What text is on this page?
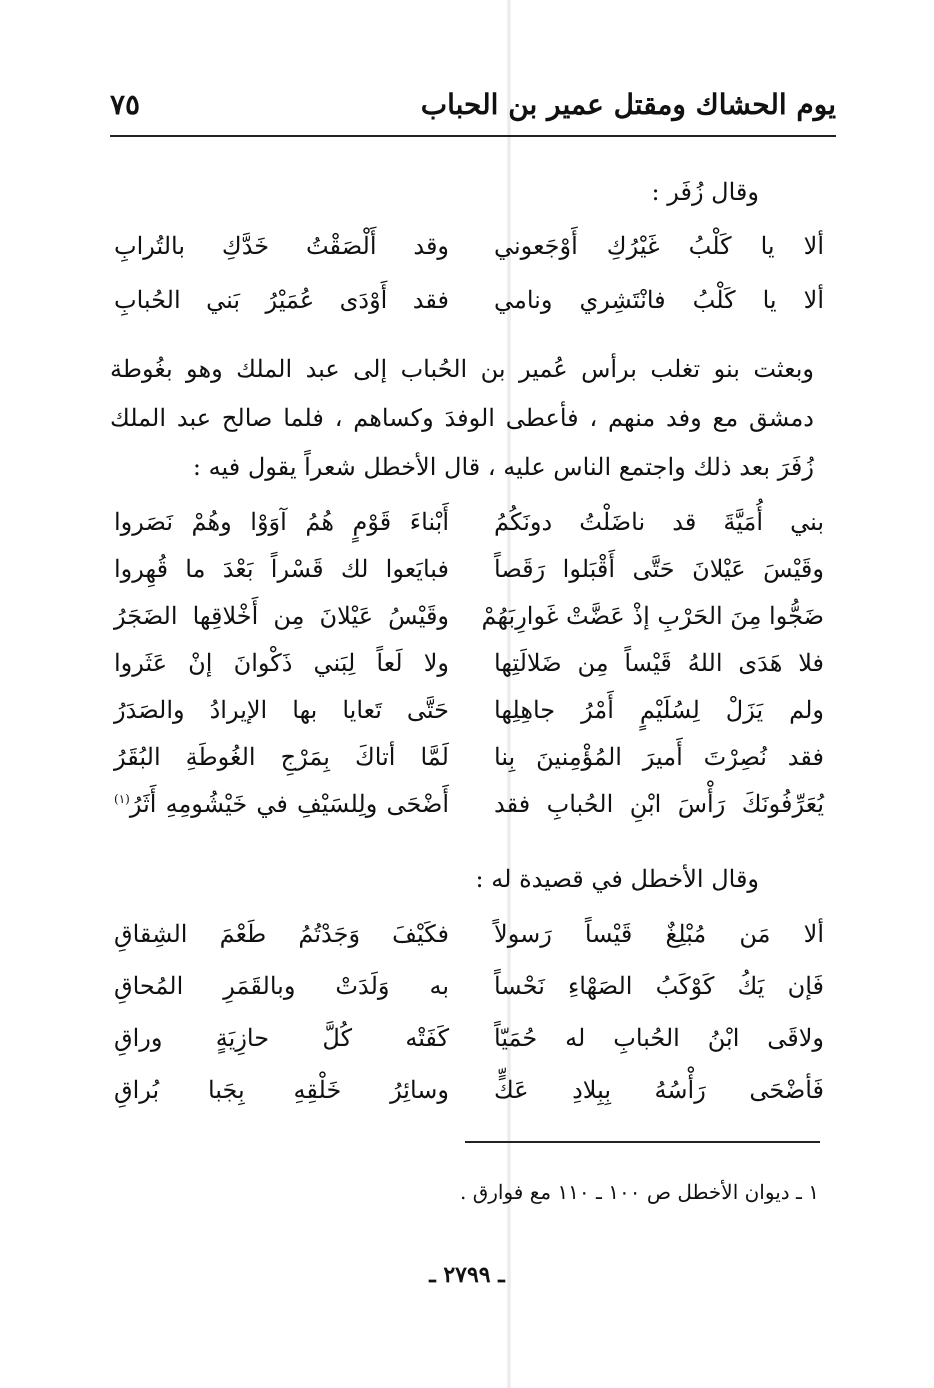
يوم الحشاك ومقتل عمير بن الحباب
٧٥
وقال زُفَر :
ألا يا كَلْبُ غَيْرُكِ أَوْجَعوني
وقد أَلْصَقْتُ خَدَّكِ بالتُرابِ
ألا يا كَلْبُ فانْتَشِري ونامي
فقد أَوْدَى عُمَيْرُ بَني الحُبابِ
وبعثت بنو تغلب برأس عُمير بن الحُباب إلى عبد الملك وهو بغُوطة دمشق مع وفد منهم ، فأعطى الوفدَ وكساهم ، فلما صالح عبد الملك زُفَرَ بعد ذلك واجتمع الناس عليه ، قال الأخطل شعراً يقول فيه :
بني أُمَيَّةَ قد ناضَلْتُ دونَكُمُ
أَبْناءَ قَوْمٍ هُمُ آوَوْا وهُمْ نَصَروا
وقَيْسَ عَيْلانَ حَتَّى أَقْبَلوا رَقَصاً
فبايَعوا لك قَسْراً بَعْدَ ما قُهِروا
ضَجُّوا مِنَ الحَرْبِ إذْ عَضَّتْ غَوارِبَهُمْ
وقَيْسُ عَيْلانَ مِن أَخْلاقِها الضَجَرُ
فلا هَدَى اللهُ قَيْساً مِن ضَلالَتِها
ولا لَعاً لِبَني ذَكْوانَ إنْ عَثَروا
ولم يَزَلْ لِسُلَيْمٍ أَمْرُ جاهِلِها
حَتَّى تَعايا بها الإيرادُ والصَدَرُ
فقد نُصِرْتَ أَميرَ المُؤْمِنينَ بِنا
لَمَّا أتاكَ بِمَرْجِ الغُوطَةِ البُقَرُ
يُعَرِّفُونَكَ رَأْسَ ابْنِ الحُبابِ فقد
أَضْحَى ولِلسَيْفِ في خَيْشُومِهِ أَثَرُ$^{(١)}$
وقال الأخطل في قصيدة له :
ألا مَن مُبْلِغٌ قَيْساً رَسولاً
فكَيْفَ وَجَدْتُمُ طَعْمَ الشِقاقِ
فَإن يَكُ كَوْكَبُ الصَهْاءِ نَحْساً
به وَلَدَتْ وبالقَمَرِ المُحاقِ
ولاقَى ابْنُ الحُبابِ له حُمَيّاً
كَفَتْه كُلَّ حازِيَةٍ وراقِ
فَأضْحَى رَأْسُهُ بِبِلادِ عَكٍّ
وسائِرُ خَلْقِهِ بِجَبا بُراقِ
١ ـ ديوان الأخطل ص ١٠٠ ـ ١١٠ مع فوارق .
ـ ٢٧٩٩ ـ
